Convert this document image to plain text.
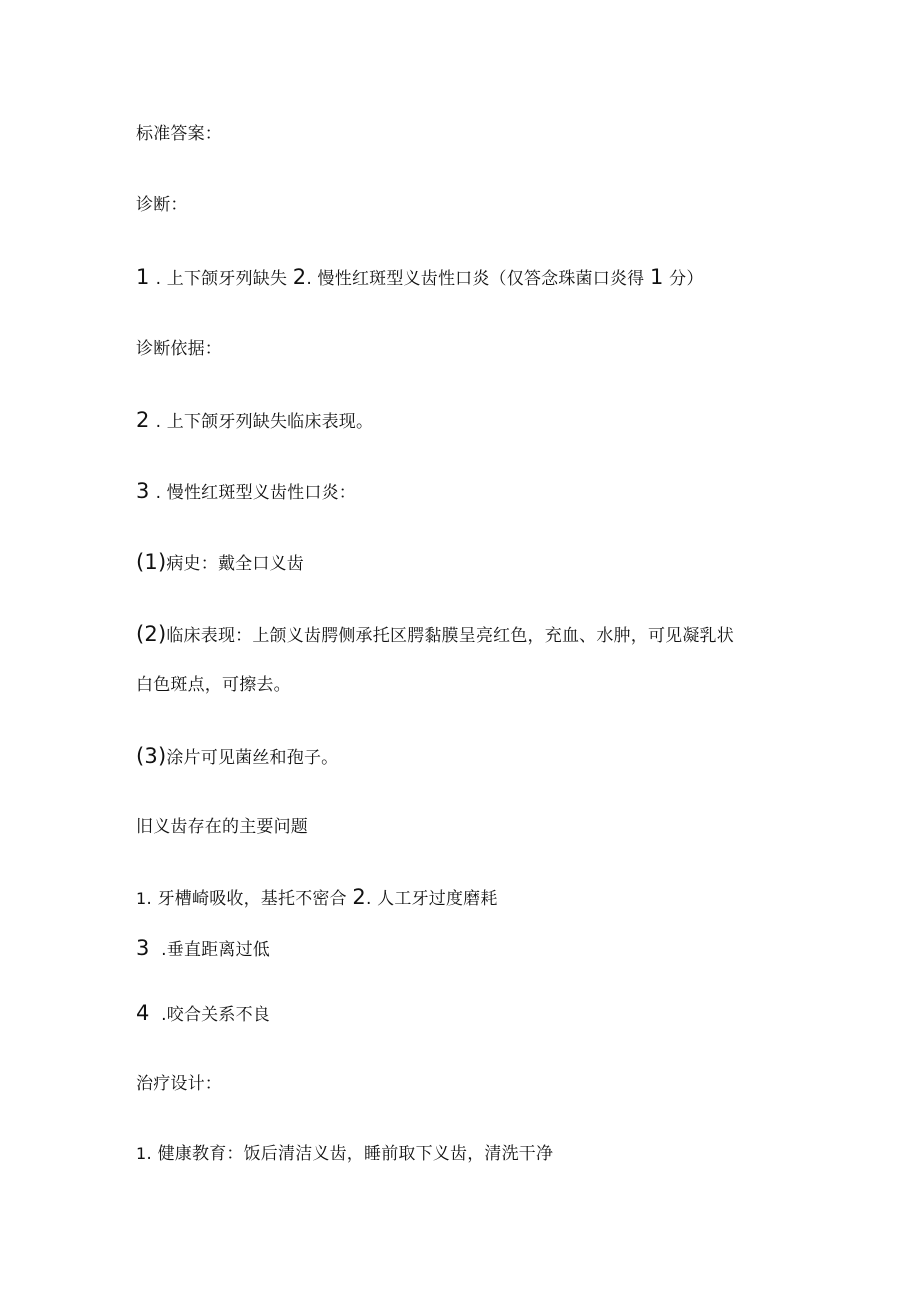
标准答案：
诊断：
1 . 上下颌牙列缺失 2. 慢性红斑型义齿性口炎（仅答念珠菌口炎得 1 分）
诊断依据：
2 . 上下颌牙列缺失临床表现。
3 . 慢性红斑型义齿性口炎：
(1)病史：戴全口义齿
(2)临床表现：上颌义齿腭侧承托区腭黏膜呈亮红色，充血、水肿，可见凝乳状
白色斑点，可擦去。
(3)涂片可见菌丝和孢子。
旧义齿存在的主要问题
1. 牙槽崎吸收，基托不密合 2. 人工牙过度磨耗
3 .垂直距离过低
4 .咬合关系不良
治疗设计：
1. 健康教育：饭后清洁义齿，睡前取下义齿，清洗干净
